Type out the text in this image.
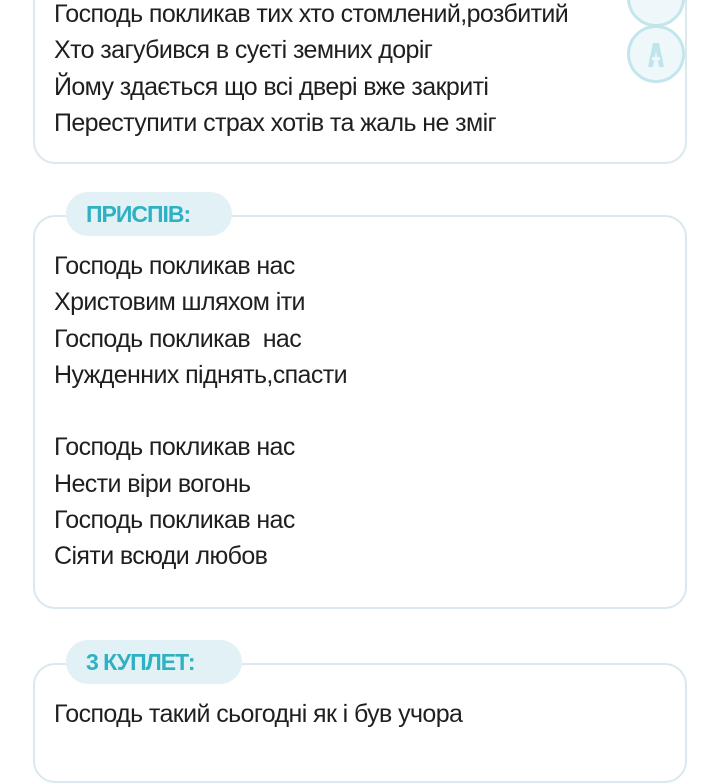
Господь покликав тих хто стомлений,розбитий
Хто загубився в суєті земних доріг
Йому здається що всі двері вже закриті
Переступити страх хотів та жаль не зміг
Господь покликав нас
Христовим шляхом іти
Господь покликав  нас
Нужденних піднять,спасти
Господь покликав нас
Нести віри вогонь
Господь покликав нас
Сіяти всюди любов
ПРИСПІВ:
Господь такий сьогодні як і був учора
3 КУПЛЕТ:
